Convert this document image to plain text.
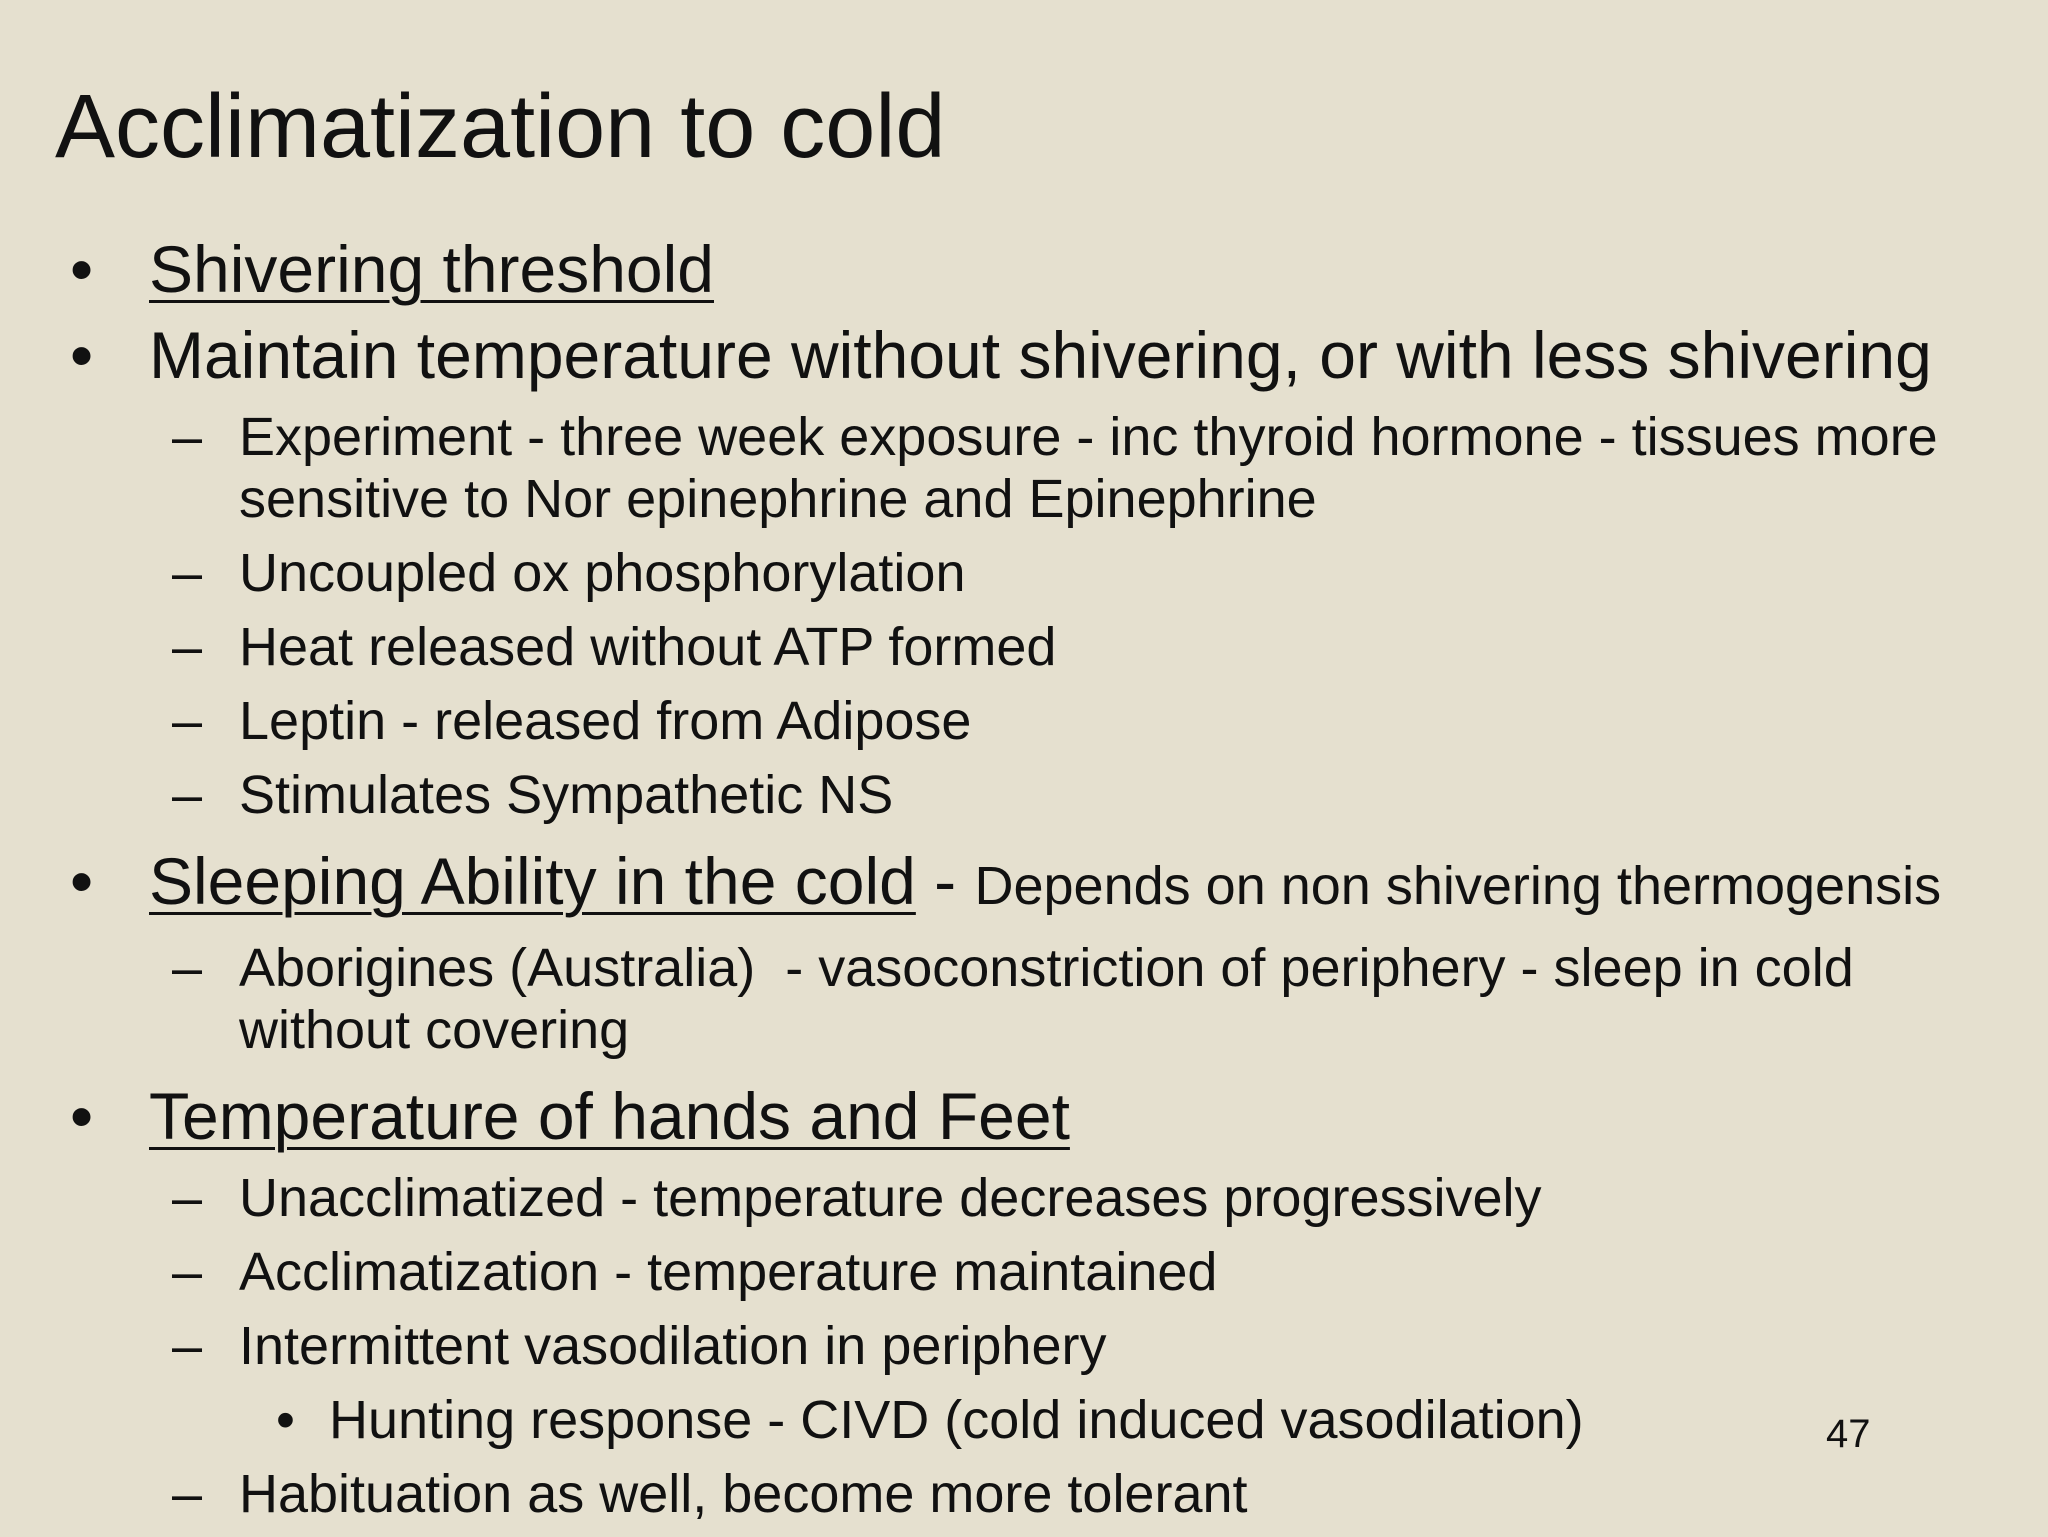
Acclimatization to cold
• Shivering threshold
• Maintain temperature without shivering, or with less shivering
– Experiment - three week exposure - inc thyroid hormone - tissues more
sensitive to Nor epinephrine and Epinephrine
– Uncoupled ox phosphorylation
– Heat released without ATP formed
– Leptin - released from Adipose
– Stimulates Sympathetic NS
• Sleeping Ability in the cold - Depends on non shivering thermogensis
– Aborigines (Australia)  - vasoconstriction of periphery - sleep in cold
without covering
• Temperature of hands and Feet
– Unacclimatized - temperature decreases progressively
– Acclimatization - temperature maintained
– Intermittent vasodilation in periphery
• Hunting response - CIVD (cold induced vasodilation)
– Habituation as well, become more tolerant
47
